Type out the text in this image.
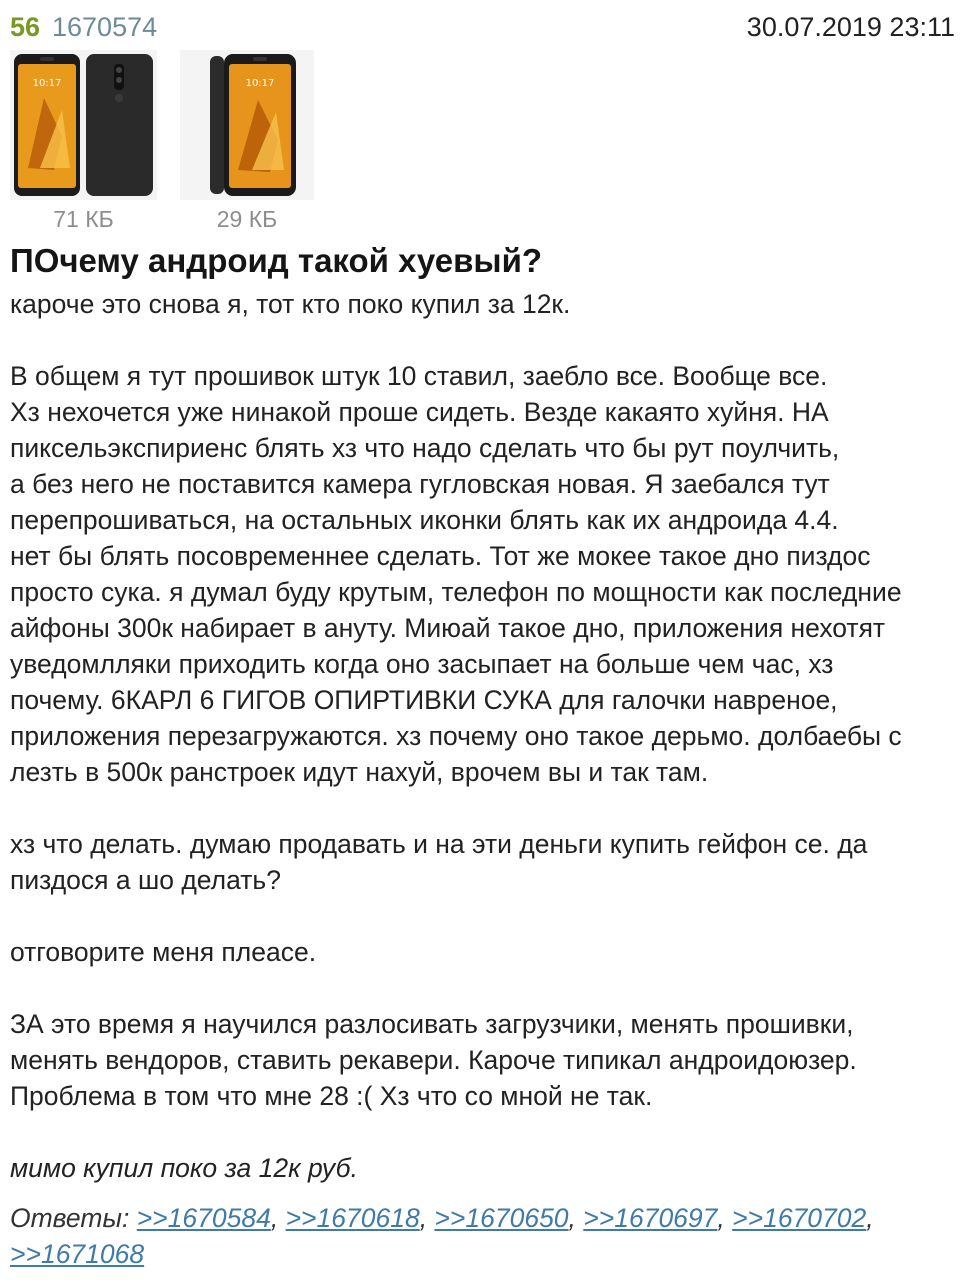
56 1670574	30.07.2019 23:11
10:17	10:17
71 КБ	29 КБ
ПОчему андроид такой хуевый?

кароче это снова я, тот кто поко купил за 12к.

В общем я тут прошивок штук 10 ставил, заебло все. Вообще все.
Хз нехочется уже нинакой проше сидеть. Везде какаято хуйня. НА
пиксельэкспириенс блять хз что надо сделать что бы рут поулчить,
а без него не поставится камера гугловская новая. Я заебался тут
перепрошиваться, на остальных иконки блять как их андроида 4.4.
нет бы блять посовременнее сделать. Тот же мокее такое дно пиздос
просто сука. я думал буду крутым, телефон по мощности как последние
айфоны 300к набирает в ануту. Миюай такое дно, приложения нехотят
уведомлляки приходить когда оно засыпает на больше чем час, хз
почему. 6КАРЛ 6 ГИГОВ ОПИРТИВКИ СУКА для галочки навреное,
приложения перезагружаются. хз почему оно такое дерьмо. долбаебы с
лезть в 500к ранстроек идут нахуй, врочем вы и так там.

хз что делать. думаю продавать и на эти деньги купить гейфон се. да
пиздося а шо делать?

отговорите меня плеасе.

ЗА это время я научился разлосивать загрузчики, менять прошивки,
менять вендоров, ставить рекавери. Кароче типикал андроидоюзер.
Проблема в том что мне 28 :( Хз что со мной не так.

мимо купил поко за 12к руб.

Ответы: >>1670584, >>1670618, >>1670650, >>1670697, >>1670702, >>1671068
